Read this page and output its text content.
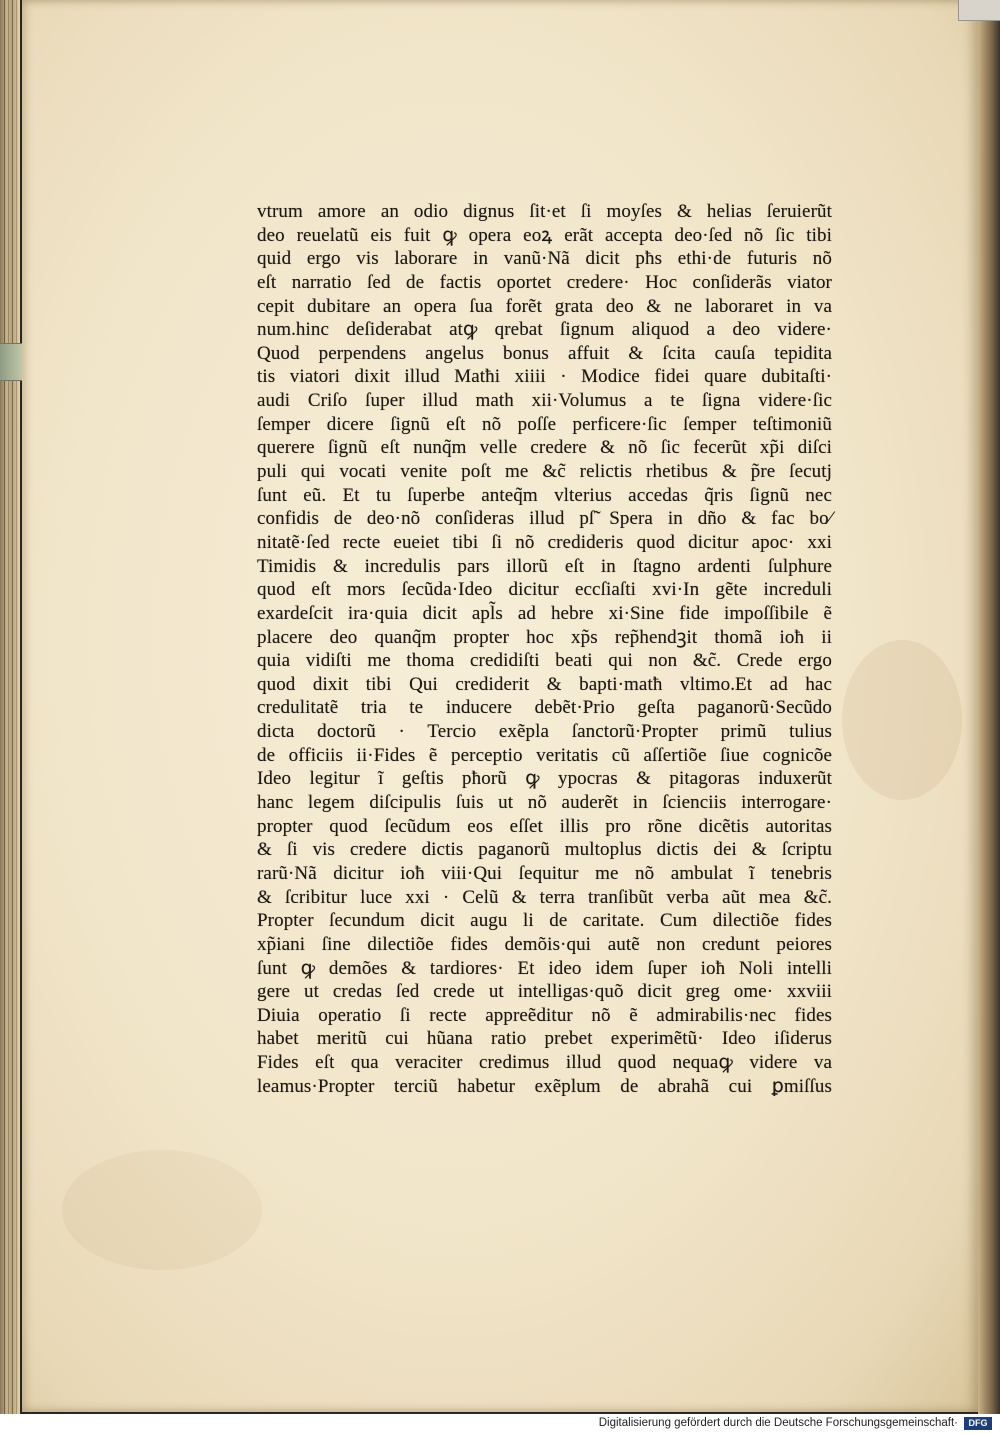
vtrum amore an odio dignus ſit·et ſi moyſes & helias ſeruierũt
deo reuelatũ eis fuit ꝙ opera eoꝝ erãt accepta deo·ſed nõ ſic tibi
quid ergo vis laborare in vanũ·Nã dicit pħs ethi·de futuris nõ
eſt narratio ſed de factis oportet credere· Hoc conſiderãs viator
cepit dubitare an opera ſua forẽt grata deo & ne laboraret in va
num.hinc deſiderabat atꝙ qrebat ſignum aliquod a deo videre·
Quod perpendens angelus bonus affuit & ſcita cauſa tepidita
tis viatori dixit illud Matħi xiiii · Modice fidei quare dubitaſti·
audi Criſo ſuper illud math xii·Volumus a te ſigna videre·ſic
ſemper dicere ſignũ eſt nõ poſſe perficere·ſic ſemper teſtimoniũ
querere ſignũ eſt nunq̃m velle credere & nõ ſic fecerũt xp̃i diſci
puli qui vocati venite poſt me &c̃ relictis rhetibus & p̃re ſecutj
ſunt eũ. Et tu ſuperbe anteq̃m vlterius accedas q̃ris ſignũ nec
confidis de deo·nõ conſideras illud pſ̃ Spera in dño & fac bo⁄
nitatẽ·ſed recte eueiet tibi ſi nõ credideris quod dicitur apoc· xxi
Timidis & incredulis pars illorũ eſt in ſtagno ardenti ſulphure
quod eſt mors ſecũda·Ideo dicitur eccſiaſti xvi·In gẽte increduli
exardeſcit ira·quia dicit apl̃s ad hebre xi·Sine fide impoſſibile ẽ
placere deo quanq̃m propter hoc xp̃s rep̃hendꝫit thomã ioħ ii
quia vidiſti me thoma credidiſti beati qui non &c̃. Crede ergo
quod dixit tibi Qui crediderit & bapti·matħ vltimo.Et ad hac
credulitatẽ tria te inducere debẽt·Prio geſta paganorũ·Secũdo
dicta doctorũ · Tercio exẽpla ſanctorũ·Propter primũ tulius
de officiis ii·Fides ẽ perceptio veritatis cũ aſſertiõe ſiue cognicõe
Ideo legitur ĩ geſtis pħorũ ꝙ ypocras & pitagoras induxerũt
hanc legem diſcipulis ſuis ut nõ auderẽt in ſcienciis interrogare·
propter quod ſecũdum eos eſſet illis pro rõne dicẽtis autoritas
& ſi vis credere dictis paganorũ multoplus dictis dei & ſcriptu
rarũ·Nã dicitur ioħ viii·Qui ſequitur me nõ ambulat ĩ tenebris
& ſcribitur luce xxi · Celũ & terra tranſibũt verba aũt mea &c̃.
Propter ſecundum dicit augu li de caritate. Cum dilectiõe fides
xp̃iani ſine dilectiõe fides demõis·qui autẽ non credunt peiores
ſunt ꝙ demões & tardiores· Et ideo idem ſuper ioħ Noli intelli
gere ut credas ſed crede ut intelligas·quõ dicit greg ome· xxviii
Diuia operatio ſi recte appreẽditur nõ ẽ admirabilis·nec fides
habet meritũ cui hũana ratio prebet experimẽtũ· Ideo iſiderus
Fides eſt qua veraciter credimus illud quod nequaꝙ videre va
leamus·Propter terciũ habetur exẽplum de abrahã cui ꝑmiſſus
Digitalisierung gefördert durch die Deutsche Forschungsgemeinschaft·	DFG
